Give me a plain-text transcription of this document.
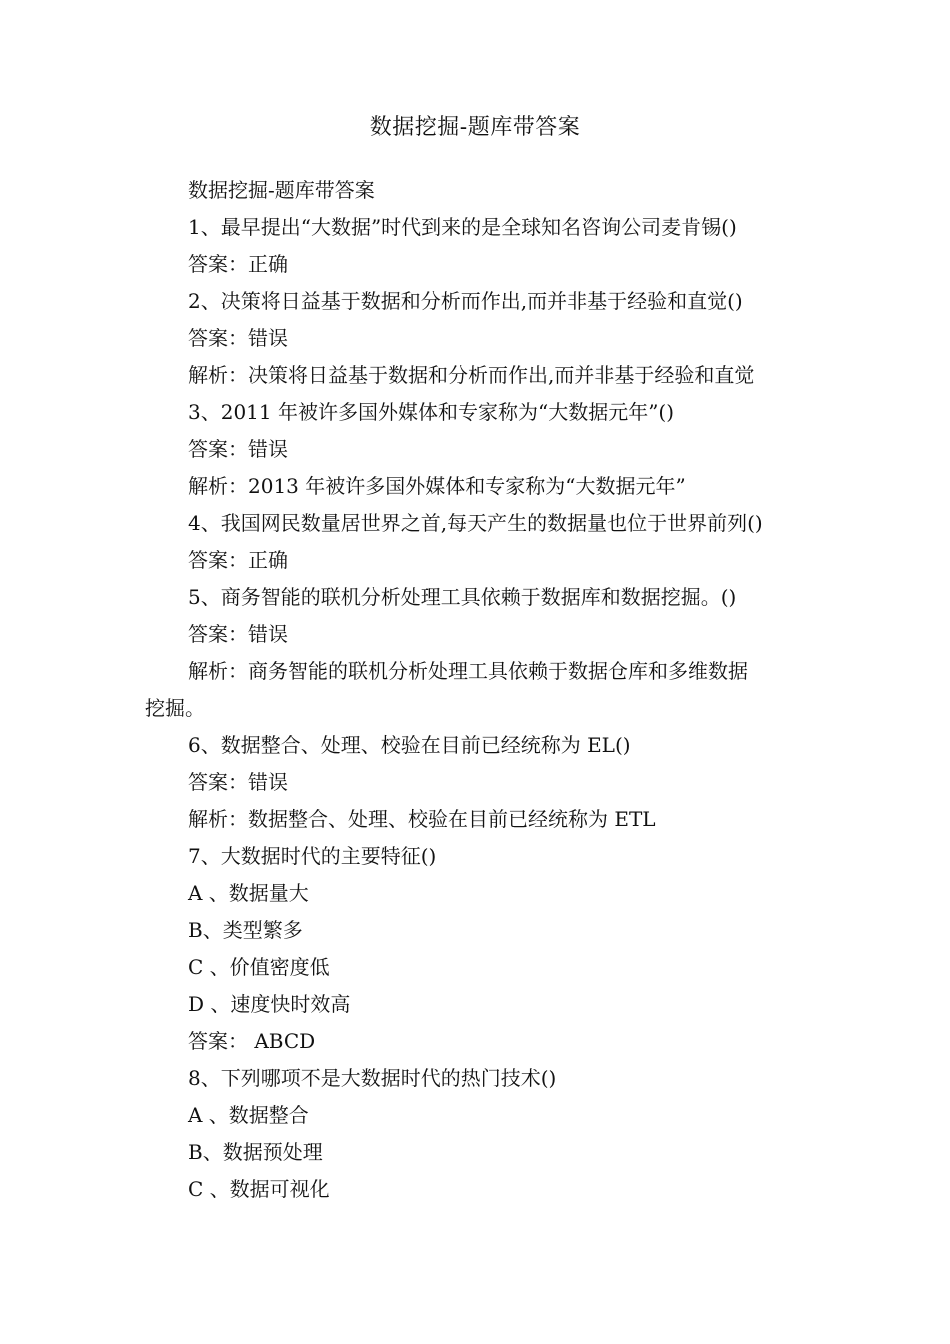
数据挖掘-题库带答案
数据挖掘-题库带答案
1、最早提出“大数据”时代到来的是全球知名咨询公司麦肯锡()
答案：正确
2、决策将日益基于数据和分析而作出,而并非基于经验和直觉()
答案：错误
解析：决策将日益基于数据和分析而作出,而并非基于经验和直觉
3、2011 年被许多国外媒体和专家称为“大数据元年”()
答案：错误
解析：2013 年被许多国外媒体和专家称为“大数据元年”
4、我国网民数量居世界之首,每天产生的数据量也位于世界前列()
答案：正确
5、商务智能的联机分析处理工具依赖于数据库和数据挖掘。()
答案：错误
解析：商务智能的联机分析处理工具依赖于数据仓库和多维数据
挖掘。
6、数据整合、处理、校验在目前已经统称为 EL()
答案：错误
解析：数据整合、处理、校验在目前已经统称为 ETL
7、大数据时代的主要特征()
A 、数据量大
B、类型繁多
C 、价值密度低
D 、速度快时效高
答案： ABCD
8、下列哪项不是大数据时代的热门技术()
A 、数据整合
B、数据预处理
C 、数据可视化
